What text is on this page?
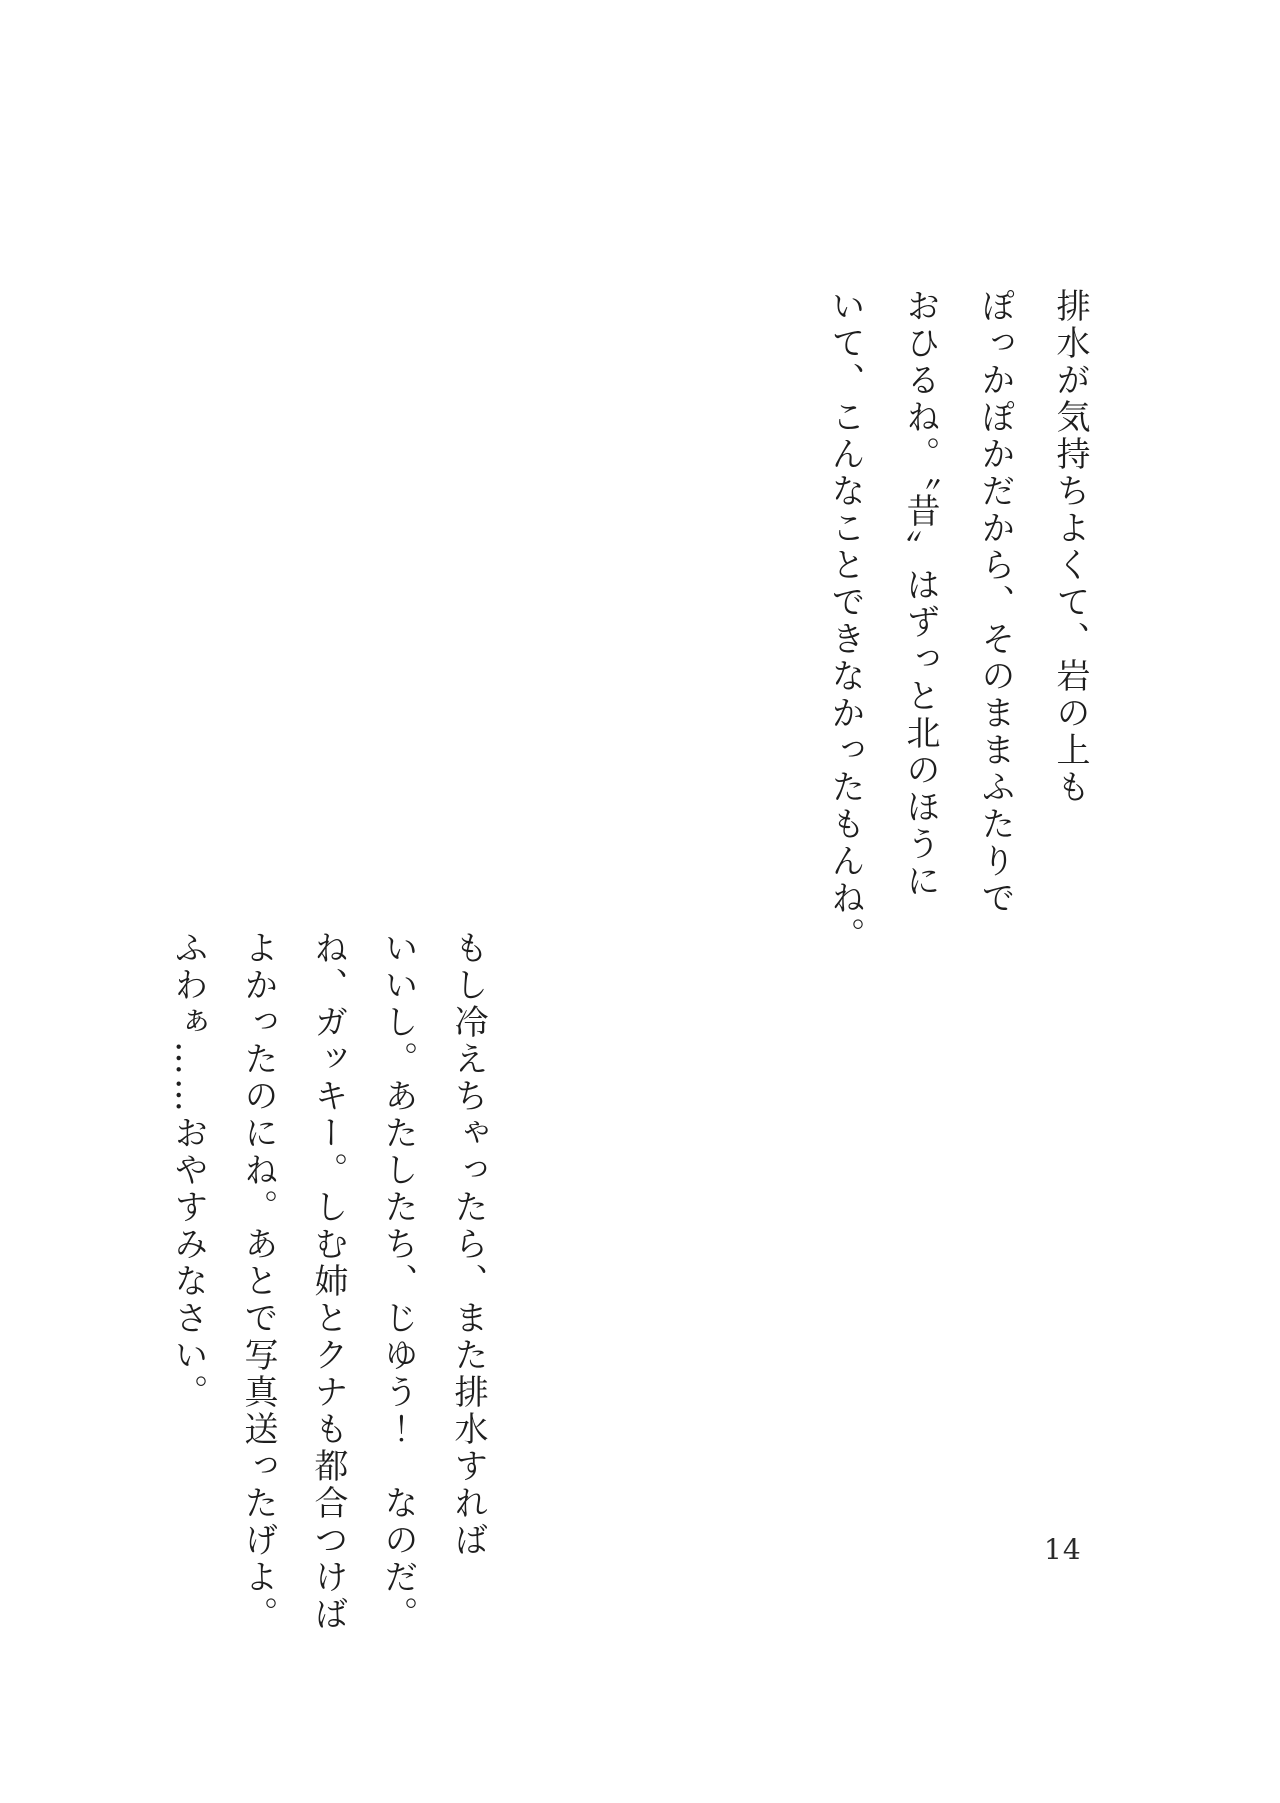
排水が気持ちよくて、岩の上も
ぽっかぽかだから、そのままふたりで
おひるね。〝昔〟はずっと北のほうに
いて、こんなことできなかったもんね。
もし冷えちゃったら、また排水すれば
いいし。あたしたち、じゆう！　なのだ。
ね、ガッキー。しむ姉とクナも都合つけば
よかったのにね。あとで写真送ったげよ。
ふわぁ……おやすみなさい。
14
